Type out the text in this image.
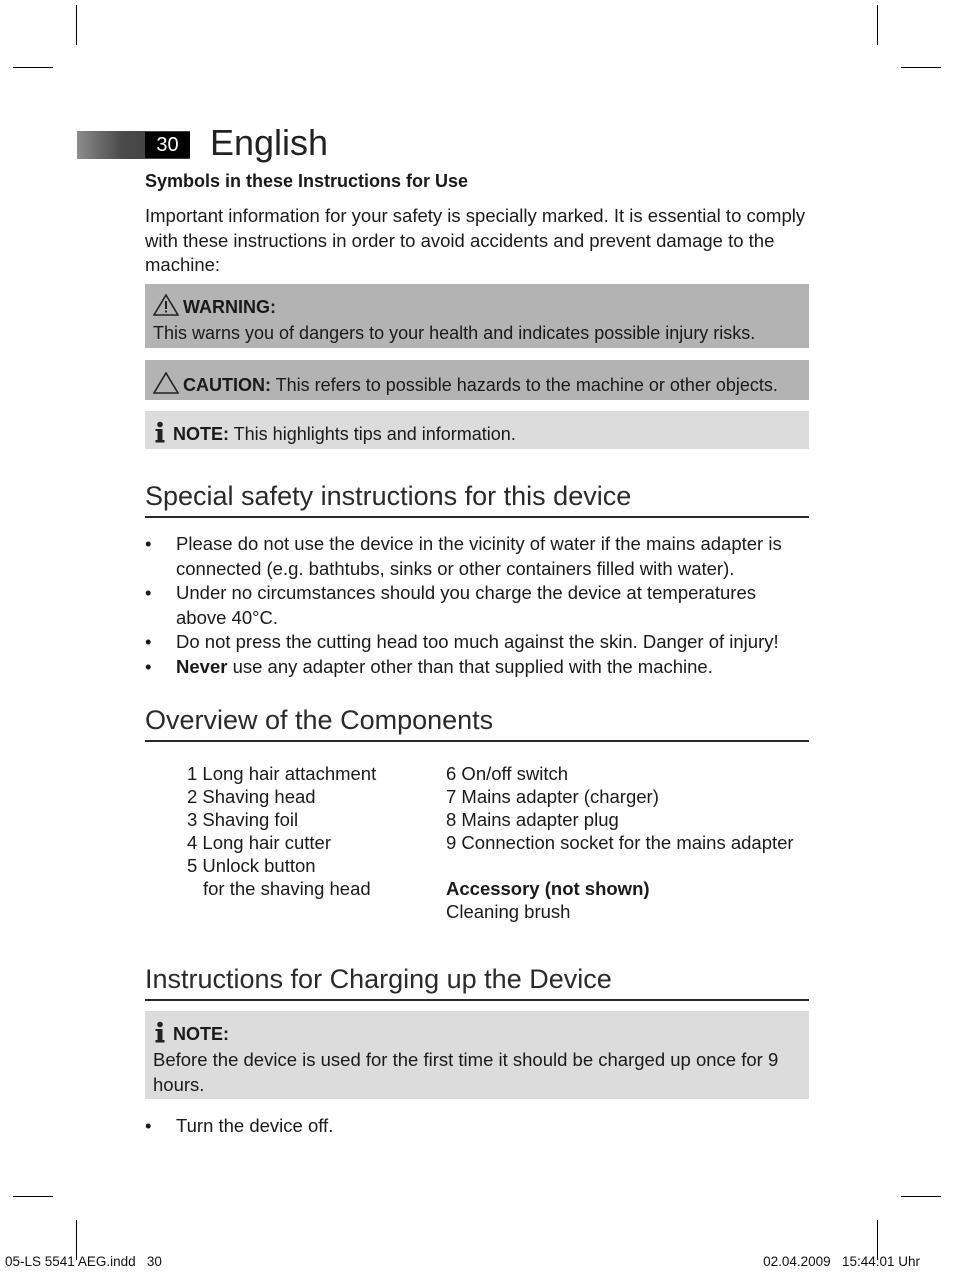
30 English
Symbols in these Instructions for Use

Important information for your safety is specially marked. It is essential to comply with these instructions in order to avoid accidents and prevent damage to the machine:

WARNING:
This warns you of dangers to your health and indicates possible injury risks.
CAUTION: This refers to possible hazards to the machine or other objects.
NOTE: This highlights tips and information.
Special safety instructions for this device
• Please do not use the device in the vicinity of water if the mains adapter is connected (e.g. bathtubs, sinks or other containers filled with water).
• Under no circumstances should you charge the device at temperatures above 40°C.
• Do not press the cutting head too much against the skin. Danger of injury!
• Never use any adapter other than that supplied with the machine.
Overview of the Components
1 Long hair attachment
2 Shaving head
3 Shaving foil
4 Long hair cutter
5 Unlock button
for the shaving head
6 On/off switch
7 Mains adapter (charger)
8 Mains adapter plug
9 Connection socket for the mains adapter
Accessory (not shown)
Cleaning brush
Instructions for Charging up the Device
NOTE:
Before the device is used for the first time it should be charged up once for 9 hours.
• Turn the device off.
05-LS 5541 AEG.indd   30	02.04.2009   15:44:01 Uhr
